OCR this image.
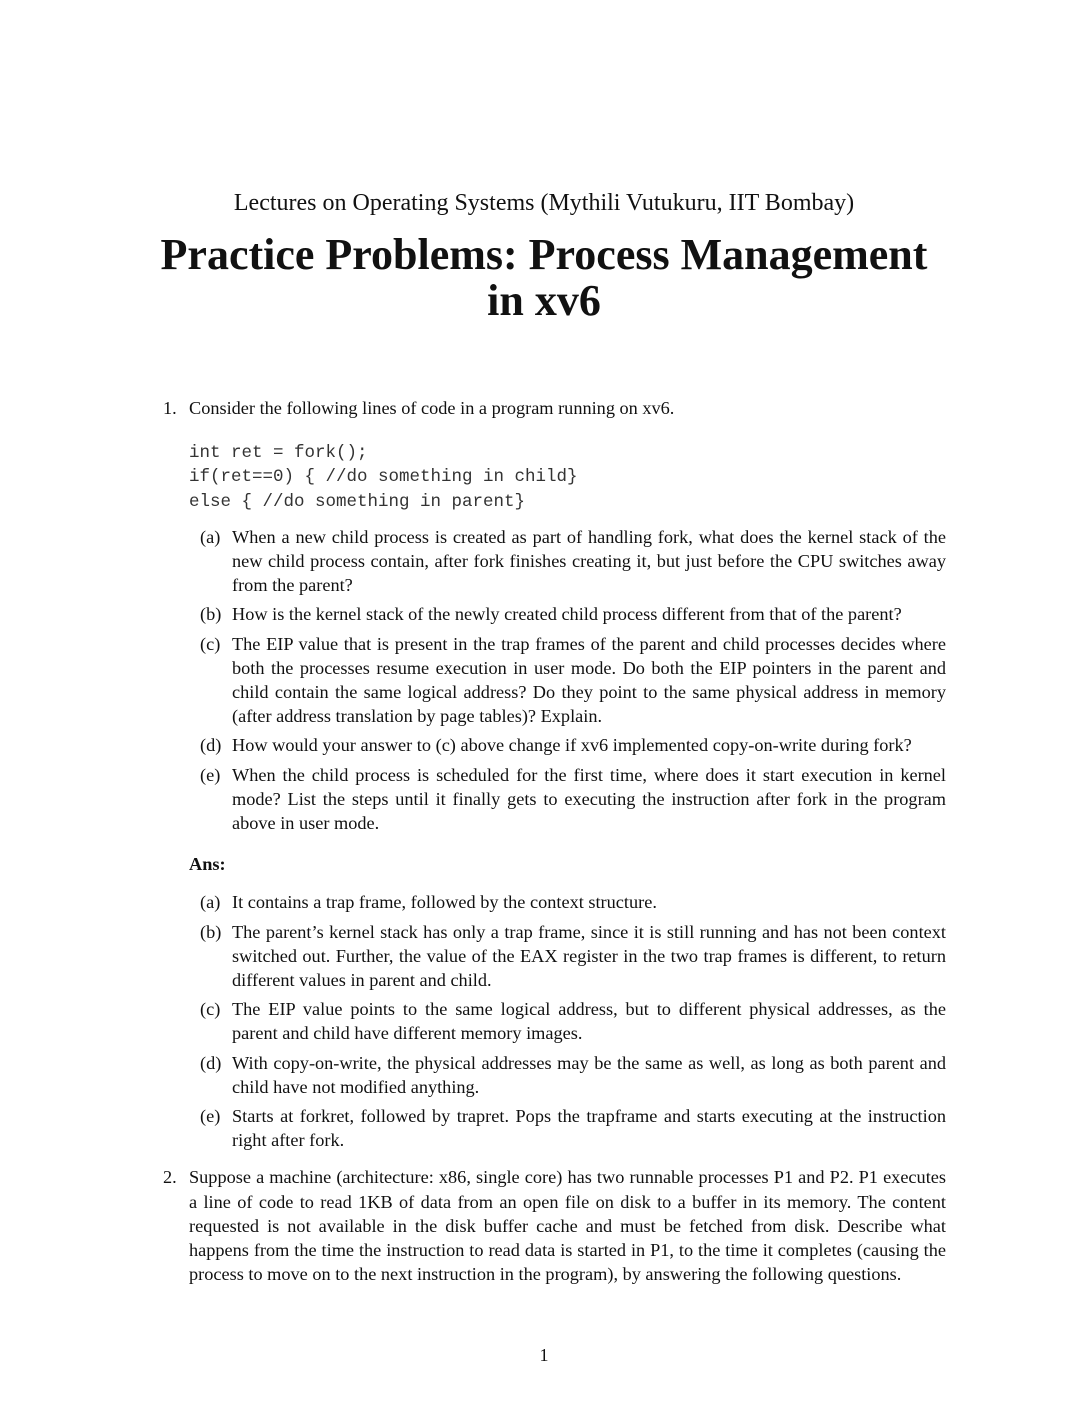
Lectures on Operating Systems (Mythili Vutukuru, IIT Bombay)
Practice Problems: Process Management
in xv6
1. Consider the following lines of code in a program running on xv6.
int ret = fork();
if(ret==0) { //do something in child}
else { //do something in parent}
(a) When a new child process is created as part of handling fork, what does the kernel stack of the new child process contain, after fork finishes creating it, but just before the CPU switches away from the parent?
(b) How is the kernel stack of the newly created child process different from that of the parent?
(c) The EIP value that is present in the trap frames of the parent and child processes decides where both the processes resume execution in user mode. Do both the EIP pointers in the parent and child contain the same logical address? Do they point to the same physical address in memory (after address translation by page tables)? Explain.
(d) How would your answer to (c) above change if xv6 implemented copy-on-write during fork?
(e) When the child process is scheduled for the first time, where does it start execution in kernel mode? List the steps until it finally gets to executing the instruction after fork in the program above in user mode.
Ans:
(a) It contains a trap frame, followed by the context structure.
(b) The parent’s kernel stack has only a trap frame, since it is still running and has not been context switched out. Further, the value of the EAX register in the two trap frames is different, to return different values in parent and child.
(c) The EIP value points to the same logical address, but to different physical addresses, as the parent and child have different memory images.
(d) With copy-on-write, the physical addresses may be the same as well, as long as both parent and child have not modified anything.
(e) Starts at forkret, followed by trapret. Pops the trapframe and starts executing at the instruction right after fork.
2. Suppose a machine (architecture: x86, single core) has two runnable processes P1 and P2. P1 executes a line of code to read 1KB of data from an open file on disk to a buffer in its memory. The content requested is not available in the disk buffer cache and must be fetched from disk. Describe what happens from the time the instruction to read data is started in P1, to the time it completes (causing the process to move on to the next instruction in the program), by answering the following questions.
1
